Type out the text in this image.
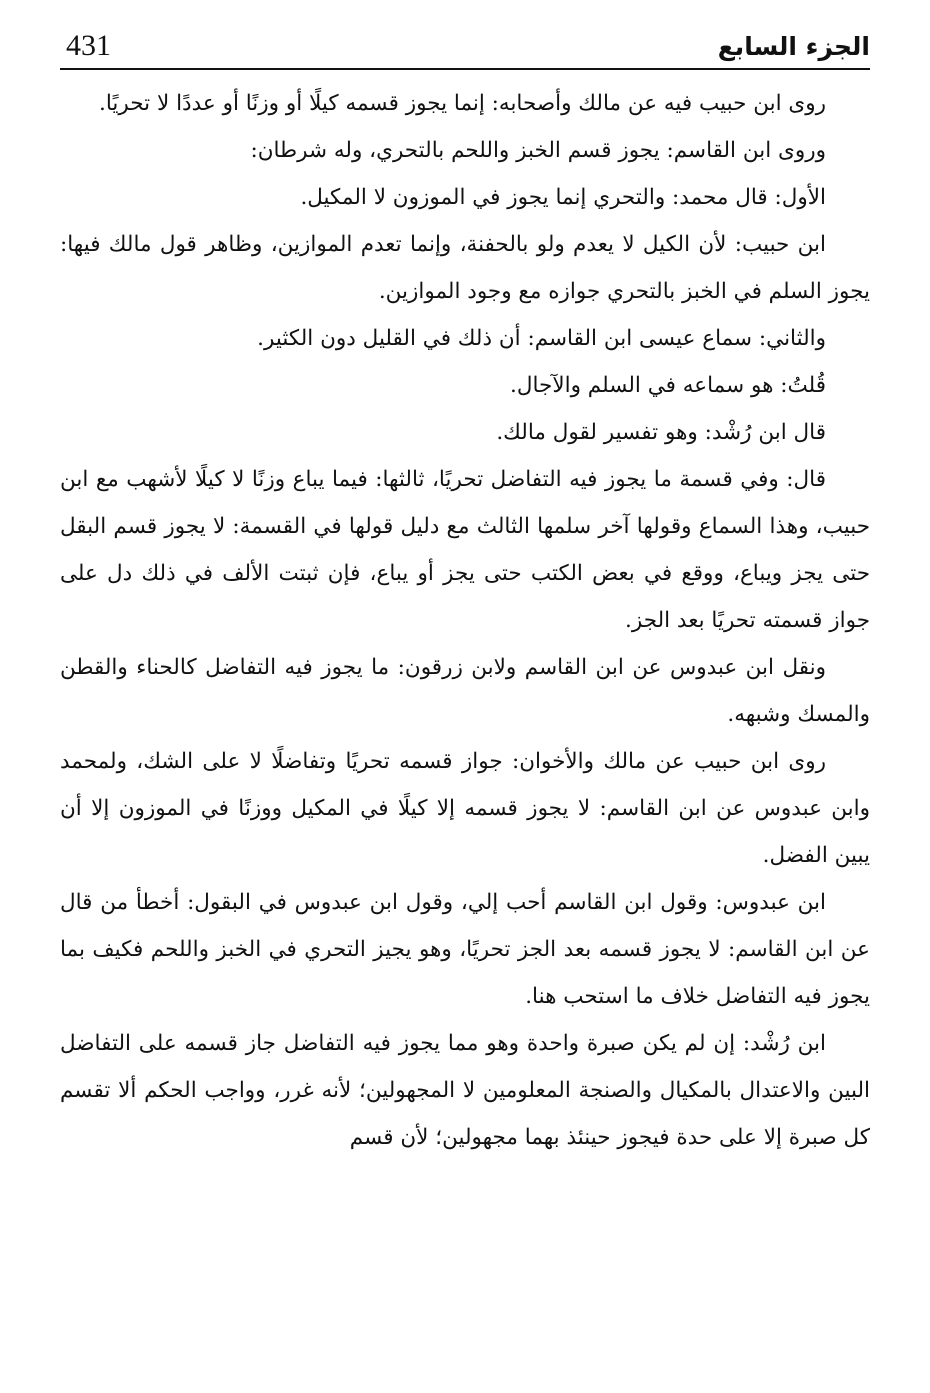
431	الجزء السابع

روى ابن حبيب فيه عن مالك وأصحابه: إنما يجوز قسمه كيلًا أو وزنًا أو عددًا لا تحريًا.

وروى ابن القاسم: يجوز قسم الخبز واللحم بالتحري، وله شرطان:

الأول: قال محمد: والتحري إنما يجوز في الموزون لا المكيل.

ابن حبيب: لأن الكيل لا يعدم ولو بالحفنة، وإنما تعدم الموازين، وظاهر قول مالك فيها: يجوز السلم في الخبز بالتحري جوازه مع وجود الموازين.

والثاني: سماع عيسى ابن القاسم: أن ذلك في القليل دون الكثير.

قُلتُ: هو سماعه في السلم والآجال.

قال ابن رُشْد: وهو تفسير لقول مالك.

قال: وفي قسمة ما يجوز فيه التفاضل تحريًا، ثالثها: فيما يباع وزنًا لا كيلًا لأشهب مع ابن حبيب، وهذا السماع وقولها آخر سلمها الثالث مع دليل قولها في القسمة: لا يجوز قسم البقل حتى يجز ويباع، ووقع في بعض الكتب حتى يجز أو يباع، فإن ثبتت الألف في ذلك دل على جواز قسمته تحريًا بعد الجز.

ونقل ابن عبدوس عن ابن القاسم ولابن زرقون: ما يجوز فيه التفاضل كالحناء والقطن والمسك وشبهه.

روى ابن حبيب عن مالك والأخوان: جواز قسمه تحريًا وتفاضلًا لا على الشك، ولمحمد وابن عبدوس عن ابن القاسم: لا يجوز قسمه إلا كيلًا في المكيل ووزنًا في الموزون إلا أن يبين الفضل.

ابن عبدوس: وقول ابن القاسم أحب إلي، وقول ابن عبدوس في البقول: أخطأ من قال عن ابن القاسم: لا يجوز قسمه بعد الجز تحريًا، وهو يجيز التحري في الخبز واللحم فكيف بما يجوز فيه التفاضل خلاف ما استحب هنا.

ابن رُشْد: إن لم يكن صبرة واحدة وهو مما يجوز فيه التفاضل جاز قسمه على التفاضل البين والاعتدال بالمكيال والصنجة المعلومين لا المجهولين؛ لأنه غرر، وواجب الحكم ألا تقسم كل صبرة إلا على حدة فيجوز حينئذ بهما مجهولين؛ لأن قسم
